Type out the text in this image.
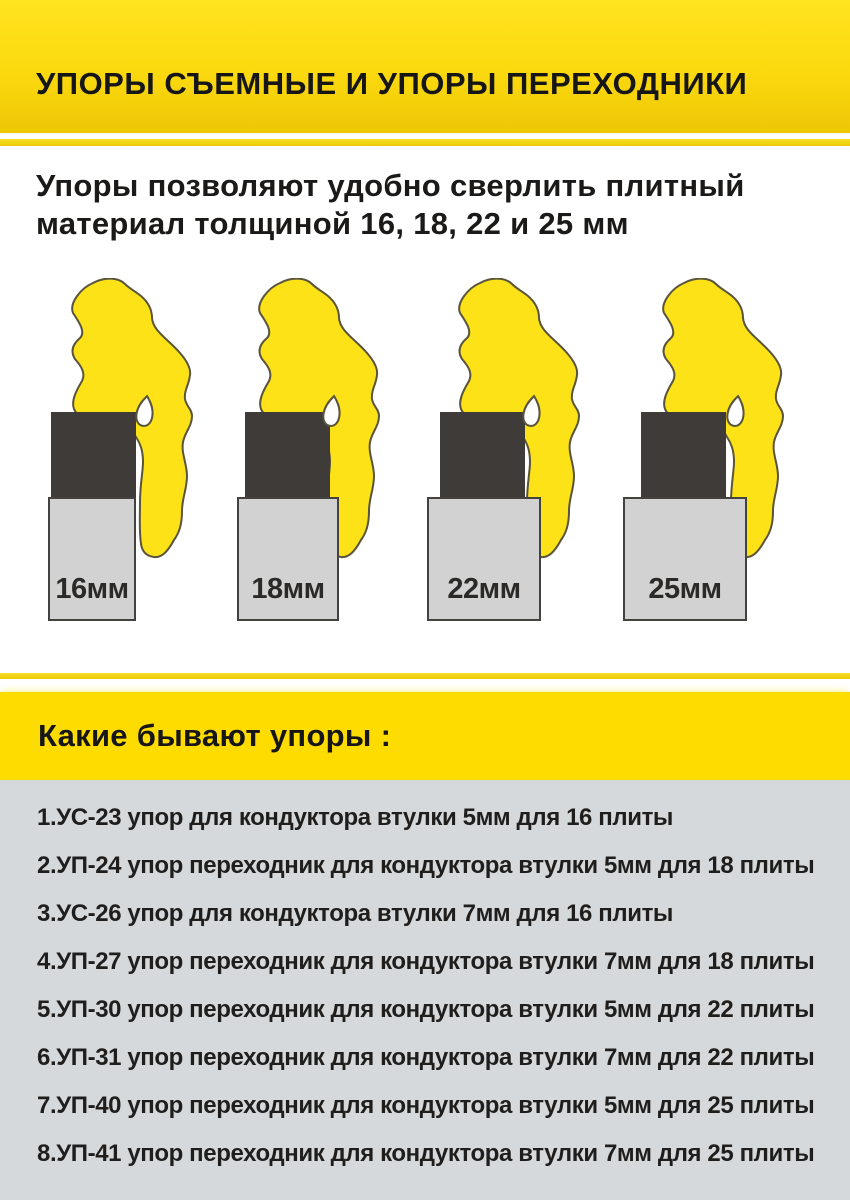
УПОРЫ СЪЕМНЫЕ И УПОРЫ ПЕРЕХОДНИКИ
Упоры позволяют удобно сверлить плитный
материал толщиной 16, 18, 22 и 25 мм
16мм	18мм	22мм	25мм
Какие бывают упоры :
1.УС-23 упор для кондуктора втулки 5мм для 16 плиты
2.УП-24 упор переходник для кондуктора втулки 5мм для 18 плиты
3.УС-26 упор для кондуктора втулки 7мм для 16 плиты
4.УП-27 упор переходник для кондуктора втулки 7мм для 18 плиты
5.УП-30 упор переходник для кондуктора втулки 5мм для 22 плиты
6.УП-31 упор переходник для кондуктора втулки 7мм для 22 плиты
7.УП-40 упор переходник для кондуктора втулки 5мм для 25 плиты
8.УП-41 упор переходник для кондуктора втулки 7мм для 25 плиты
